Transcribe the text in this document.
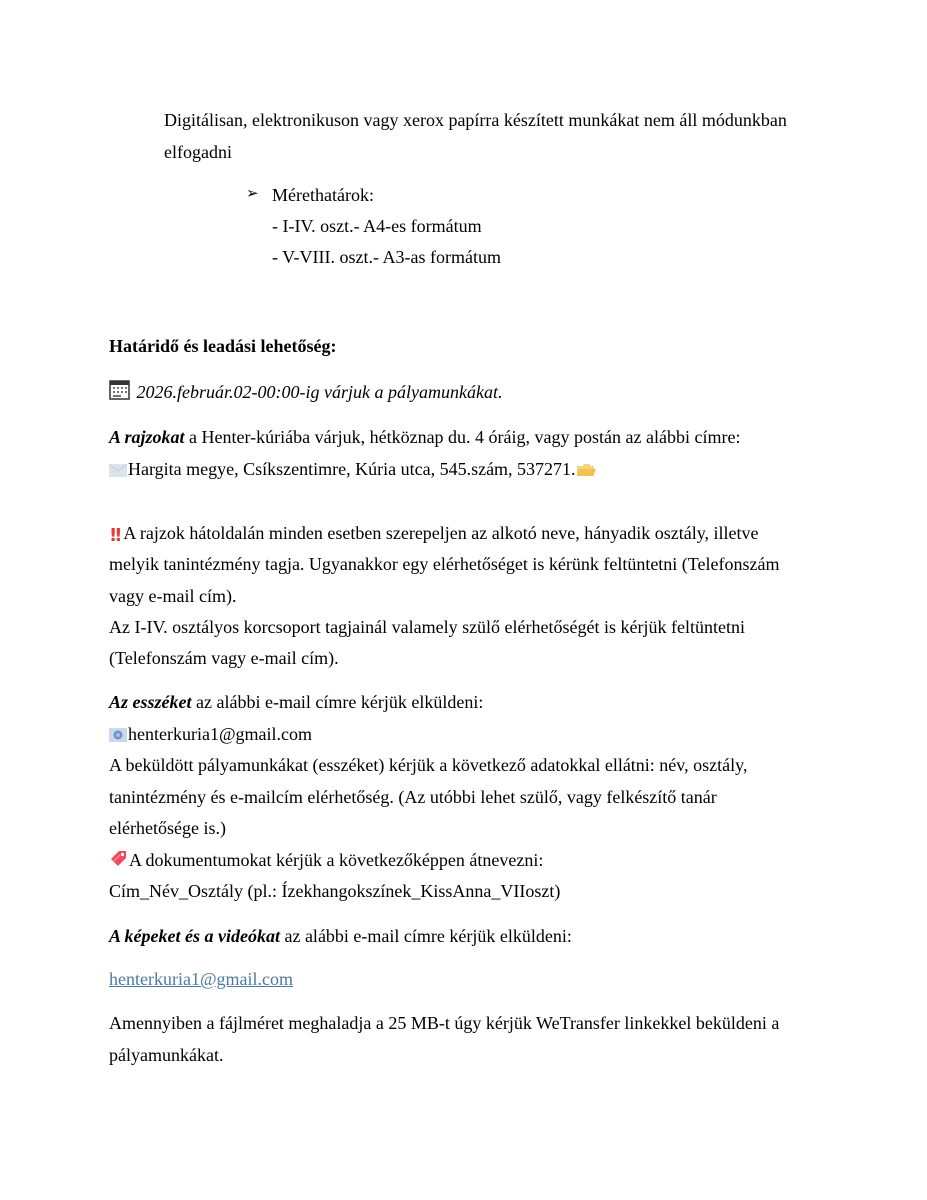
Digitálisan, elektronikuson vagy xerox papírra készített munkákat nem áll módunkban
elfogadni
➢ Mérethatárok:
- I-IV. oszt.- A4-es formátum
- V-VIII. oszt.- A3-as formátum
Határidő és leadási lehetőség:
2026.február.02-00:00-ig várjuk a pályamunkákat.
A rajzokat a Henter-kúriába várjuk, hétköznap du. 4 óráig, vagy postán az alábbi címre:
Hargita megye, Csíkszentimre, Kúria utca, 545.szám, 537271.
!! A rajzok hátoldalán minden esetben szerepeljen az alkotó neve, hányadik osztály, illetve
melyik tanintézmény tagja. Ugyanakkor egy elérhetőséget is kérünk feltüntetni (Telefonszám
vagy e-mail cím).
Az I-IV. osztályos korcsoport tagjainál valamely szülő elérhetőségét is kérjük feltüntetni
(Telefonszám vagy e-mail cím).
Az esszéket az alábbi e-mail címre kérjük elküldeni:
henterkuria1@gmail.com
A beküldött pályamunkákat (esszéket) kérjük a következő adatokkal ellátni: név, osztály,
tanintézmény és e-mailcím elérhetőség. (Az utóbbi lehet szülő, vagy felkészítő tanár
elérhetősége is.)
A dokumentumokat kérjük a következőképpen átnevezni:
Cím_Név_Osztály (pl.: Ízekhangokszínek_KissAnna_VIIoszt)
A képeket és a videókat az alábbi e-mail címre kérjük elküldeni:
henterkuria1@gmail.com
Amennyiben a fájlméret meghaladja a 25 MB-t úgy kérjük WeTransfer linkekkel beküldeni a
pályamunkákat.
